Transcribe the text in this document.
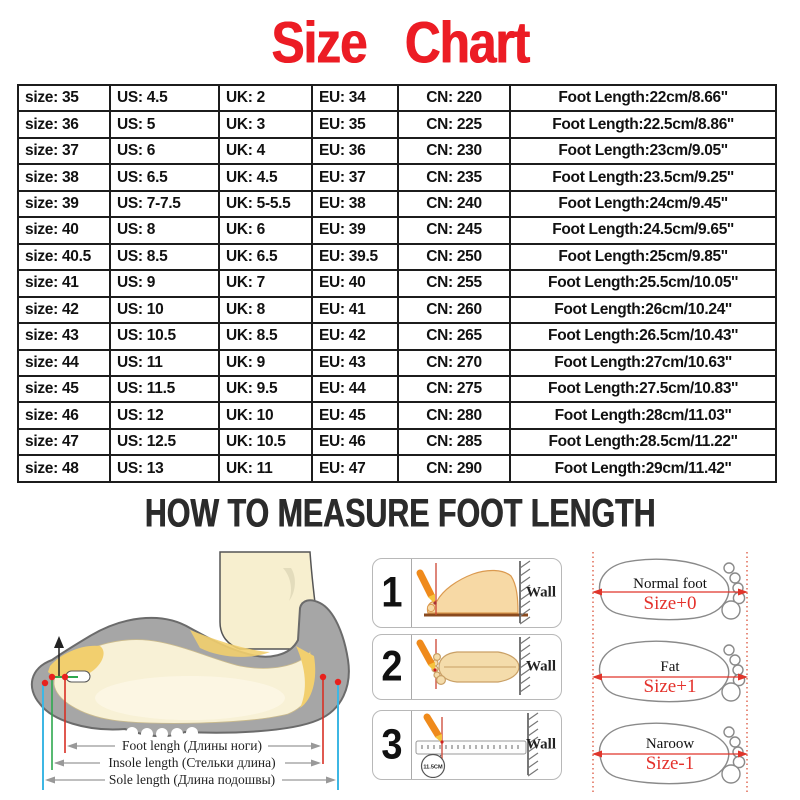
Size   Chart
size: 35	US: 4.5	UK: 2	EU: 34	CN: 220	Foot Length:22cm/8.66''
size: 36	US: 5	UK: 3	EU: 35	CN: 225	Foot Length:22.5cm/8.86''
size: 37	US: 6	UK: 4	EU: 36	CN: 230	Foot Length:23cm/9.05''
size: 38	US: 6.5	UK: 4.5	EU: 37	CN: 235	Foot Length:23.5cm/9.25''
size: 39	US: 7-7.5	UK: 5-5.5	EU: 38	CN: 240	Foot Length:24cm/9.45''
size: 40	US: 8	UK: 6	EU: 39	CN: 245	Foot Length:24.5cm/9.65''
size: 40.5	US: 8.5	UK: 6.5	EU: 39.5	CN: 250	Foot Length:25cm/9.85''
size: 41	US: 9	UK: 7	EU: 40	CN: 255	Foot Length:25.5cm/10.05''
size: 42	US: 10	UK: 8	EU: 41	CN: 260	Foot Length:26cm/10.24''
size: 43	US: 10.5	UK: 8.5	EU: 42	CN: 265	Foot Length:26.5cm/10.43''
size: 44	US: 11	UK: 9	EU: 43	CN: 270	Foot Length:27cm/10.63''
size: 45	US: 11.5	UK: 9.5	EU: 44	CN: 275	Foot Length:27.5cm/10.83''
size: 46	US: 12	UK: 10	EU: 45	CN: 280	Foot Length:28cm/11.03''
size: 47	US: 12.5	UK: 10.5	EU: 46	CN: 285	Foot Length:28.5cm/11.22''
size: 48	US: 13	UK: 11	EU: 47	CN: 290	Foot Length:29cm/11.42''
HOW TO MEASURE FOOT LENGTH
Foot lengh (Длины ноги)
Insole length (Стельки длина)
Sole length (Длина подошвы)
1	Wall
2	Wall
3	11.5CM
Wall
Normal foot
Size+0
Fat
Size+1
Naroow
Size-1
